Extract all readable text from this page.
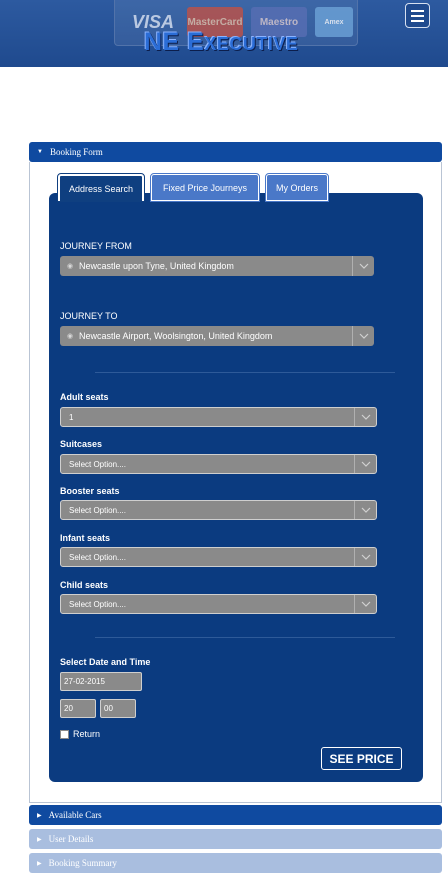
VISA	MasterCard	Maestro	Amex
NE Executive
▼ Booking Form
Address Search	Fixed Price Journeys	My Orders
JOURNEY FROM
◉ Newcastle upon Tyne, United Kingdom
JOURNEY TO
◉ Newcastle Airport, Woolsington, United Kingdom
Adult seats
1
Suitcases
Select Option....
Booster seats
Select Option....
Infant seats
Select Option....
Child seats
Select Option....
Select Date and Time
27-02-2015
20	00
Return
SEE PRICE
▶ Available Cars
▶ User Details
▶ Booking Summary
